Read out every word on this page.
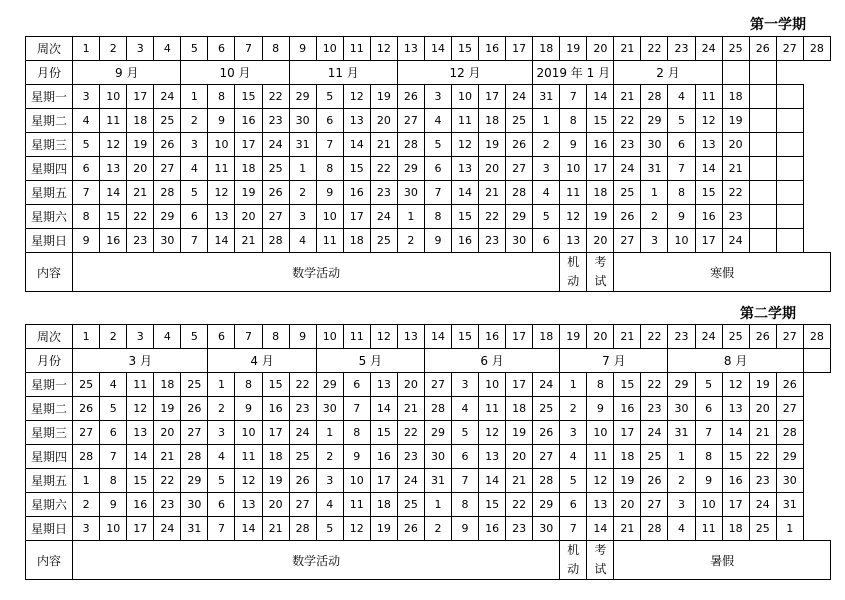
第一学期
周次	1	2	3	4	5	6	7	8	9	10	11	12	13	14	15	16	17	18	19	20	21	22	23	24	25	26	27	28
月份	9 月				10 月				11 月				12 月					2019 年 1 月			2 月							
星期一	3	10	17	24	1	8	15	22	29	5	12	19	26	3	10	17	24	31	7	14	21	28	4	11	18			
星期二	4	11	18	25	2	9	16	23	30	6	13	20	27	4	11	18	25	1	8	15	22	29	5	12	19			
星期三	5	12	19	26	3	10	17	24	31	7	14	21	28	5	12	19	26	2	9	16	23	30	6	13	20			
星期四	6	13	20	27	4	11	18	25	1	8	15	22	29	6	13	20	27	3	10	17	24	31	7	14	21			
星期五	7	14	21	28	5	12	19	26	2	9	16	23	30	7	14	21	28	4	11	18	25	1	8	15	22			
星期六	8	15	22	29	6	13	20	27	3	10	17	24	1	8	15	22	29	5	12	19	26	2	9	16	23			
星期日	9	16	23	30	7	14	21	28	4	11	18	25	2	9	16	23	30	6	13	20	27	3	10	17	24			
内容	数学活动																		机动	考试	寒假							
第二学期
周次	1	2	3	4	5	6	7	8	9	10	11	12	13	14	15	16	17	18	19	20	21	22	23	24	25	26	27	28
月份	3 月					4 月				5 月				6 月					7 月				8 月					
星期一	25	4	11	18	25	1	8	15	22	29	6	13	20	27	3	10	17	24	1	8	15	22	29	5	12	19	26	
星期二	26	5	12	19	26	2	9	16	23	30	7	14	21	28	4	11	18	25	2	9	16	23	30	6	13	20	27	
星期三	27	6	13	20	27	3	10	17	24	1	8	15	22	29	5	12	19	26	3	10	17	24	31	7	14	21	28	
星期四	28	7	14	21	28	4	11	18	25	2	9	16	23	30	6	13	20	27	4	11	18	25	1	8	15	22	29	
星期五	1	8	15	22	29	5	12	19	26	3	10	17	24	31	7	14	21	28	5	12	19	26	2	9	16	23	30	
星期六	2	9	16	23	30	6	13	20	27	4	11	18	25	1	8	15	22	29	6	13	20	27	3	10	17	24	31	
星期日	3	10	17	24	31	7	14	21	28	5	12	19	26	2	9	16	23	30	7	14	21	28	4	11	18	25	1	
内容	数学活动																		机动	考试	暑假							
